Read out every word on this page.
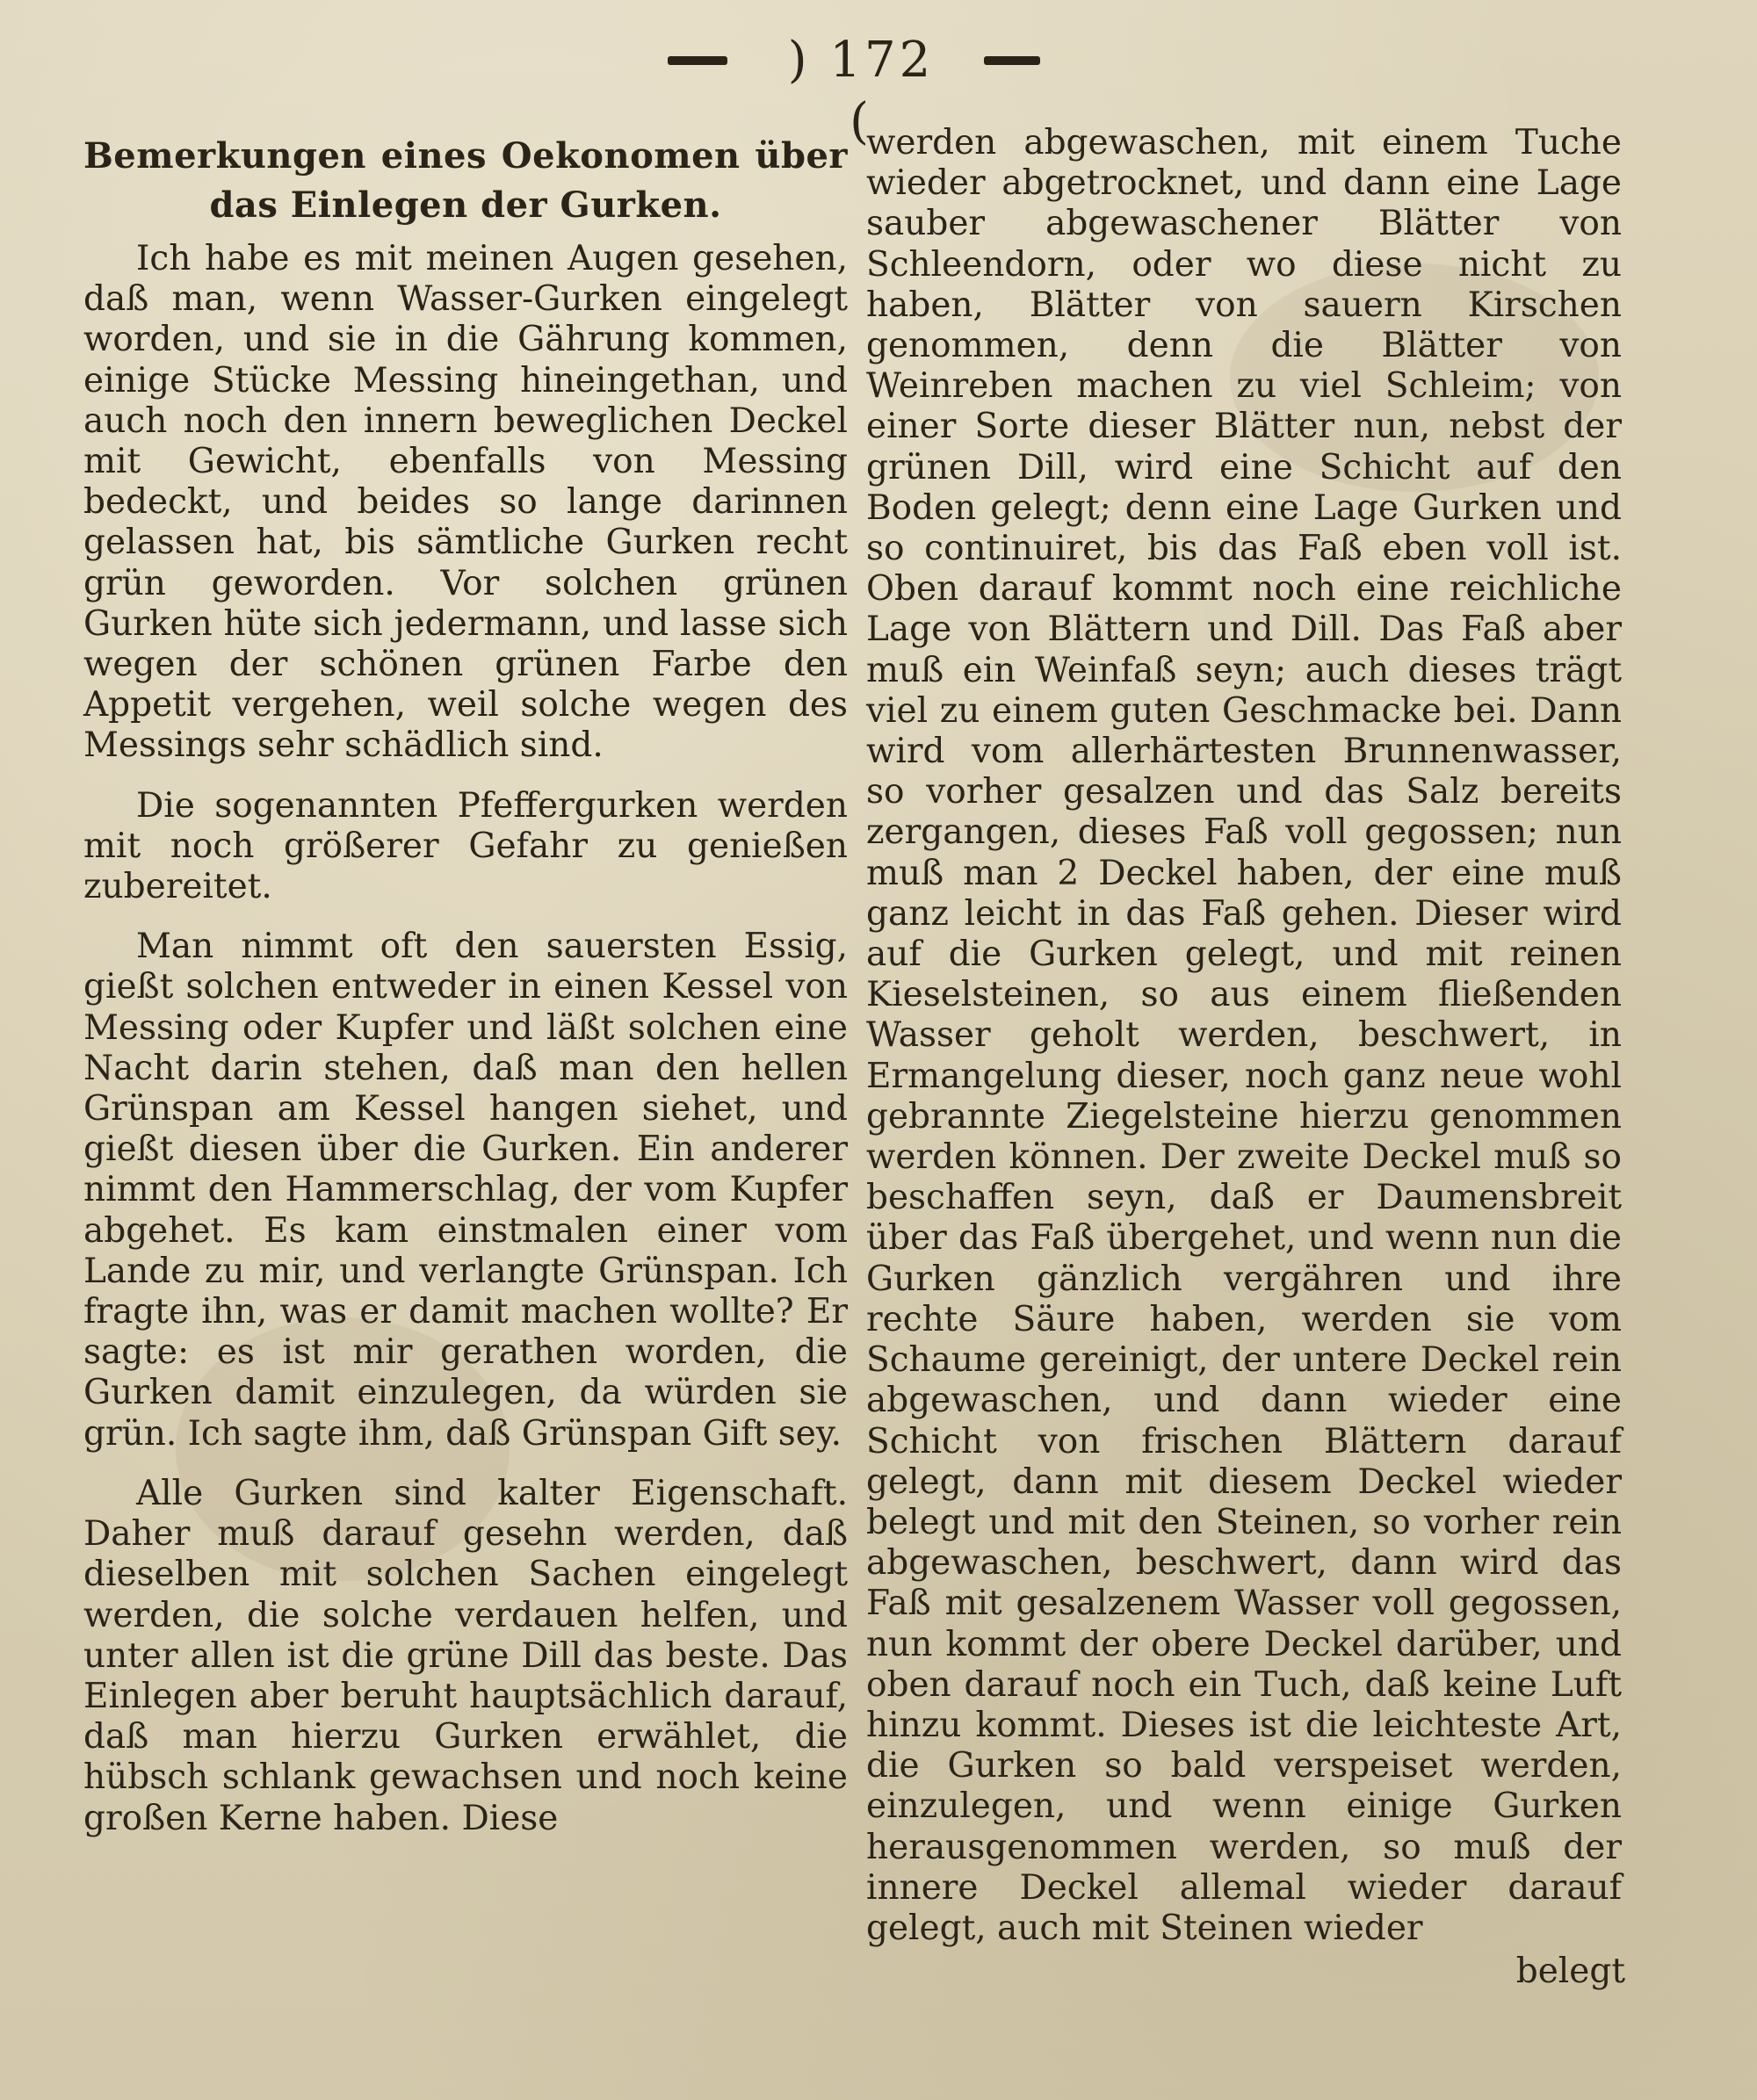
) 172 (
Bemerkungen eines Oekonomen über das Einlegen der Gurken.

Ich habe es mit meinen Augen gesehen, daß man, wenn Wasser-Gurken eingelegt worden, und sie in die Gährung kommen, einige Stücke Messing hineingethan, und auch noch den innern beweglichen Deckel mit Gewicht, ebenfalls von Messing bedeckt, und beides so lange darinnen gelassen hat, bis sämtliche Gurken recht grün geworden. Vor solchen grünen Gurken hüte sich jedermann, und lasse sich wegen der schönen grünen Farbe den Appetit vergehen, weil solche wegen des Messings sehr schädlich sind.

Die sogenannten Pfeffergurken werden mit noch größerer Gefahr zu genießen zubereitet.

Man nimmt oft den sauersten Essig, gießt solchen entweder in einen Kessel von Messing oder Kupfer und läßt solchen eine Nacht darin stehen, daß man den hellen Grünspan am Kessel hangen siehet, und gießt diesen über die Gurken. Ein anderer nimmt den Hammerschlag, der vom Kupfer abgehet. Es kam einstmalen einer vom Lande zu mir, und verlangte Grünspan. Ich fragte ihn, was er damit machen wollte? Er sagte: es ist mir gerathen worden, die Gurken damit einzulegen, da würden sie grün. Ich sagte ihm, daß Grünspan Gift sey.

Alle Gurken sind kalter Eigenschaft. Daher muß darauf gesehn werden, daß dieselben mit solchen Sachen eingelegt werden, die solche verdauen helfen, und unter allen ist die grüne Dill das beste. Das Einlegen aber beruht hauptsächlich darauf, daß man hierzu Gurken erwählet, die hübsch schlank gewachsen und noch keine großen Kerne haben. Diese

werden abgewaschen, mit einem Tuche wieder abgetrocknet, und dann eine Lage sauber abgewaschener Blätter von Schleendorn, oder wo diese nicht zu haben, Blätter von sauern Kirschen genommen, denn die Blätter von Weinreben machen zu viel Schleim; von einer Sorte dieser Blätter nun, nebst der grünen Dill, wird eine Schicht auf den Boden gelegt; denn eine Lage Gurken und so continuiret, bis das Faß eben voll ist. Oben darauf kommt noch eine reichliche Lage von Blättern und Dill. Das Faß aber muß ein Weinfaß seyn; auch dieses trägt viel zu einem guten Geschmacke bei. Dann wird vom allerhärtesten Brunnenwasser, so vorher gesalzen und das Salz bereits zergangen, dieses Faß voll gegossen; nun muß man 2 Deckel haben, der eine muß ganz leicht in das Faß gehen. Dieser wird auf die Gurken gelegt, und mit reinen Kieselsteinen, so aus einem fließenden Wasser geholt werden, beschwert, in Ermangelung dieser, noch ganz neue wohl gebrannte Ziegelsteine hierzu genommen werden können. Der zweite Deckel muß so beschaffen seyn, daß er Daumensbreit über das Faß übergehet, und wenn nun die Gurken gänzlich vergähren und ihre rechte Säure haben, werden sie vom Schaume gereinigt, der untere Deckel rein abgewaschen, und dann wieder eine Schicht von frischen Blättern darauf gelegt, dann mit diesem Deckel wieder belegt und mit den Steinen, so vorher rein abgewaschen, beschwert, dann wird das Faß mit gesalzenem Wasser voll gegossen, nun kommt der obere Deckel darüber, und oben darauf noch ein Tuch, daß keine Luft hinzu kommt. Dieses ist die leichteste Art, die Gurken so bald verspeiset werden, einzulegen, und wenn einige Gurken herausgenommen werden, so muß der innere Deckel allemal wieder darauf gelegt, auch mit Steinen wieder

belegt
